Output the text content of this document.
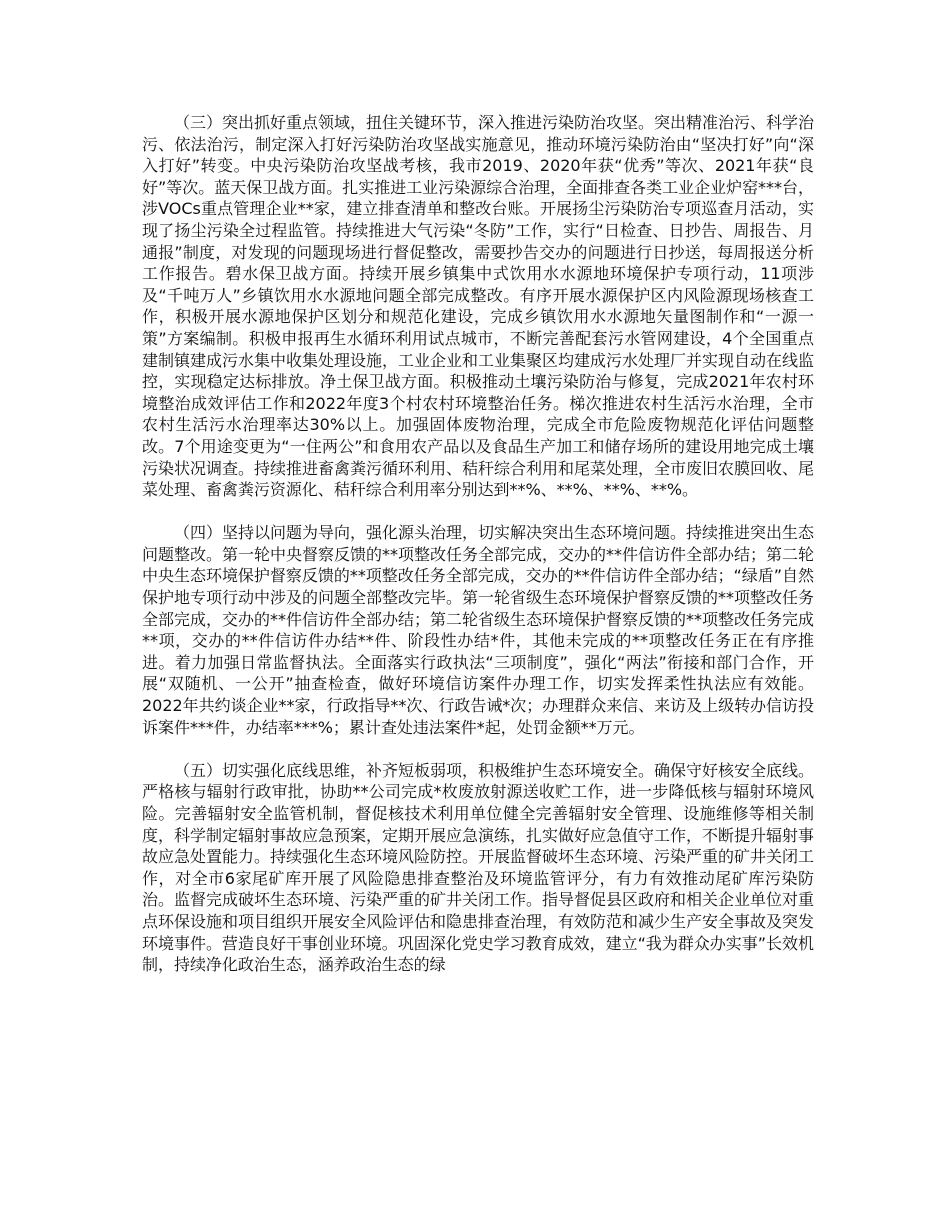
（三）突出抓好重点领域，扭住关键环节，深入推进污染防治攻坚。突出精准治污、科学治污、依法治污，制定深入打好污染防治攻坚战实施意见，推动环境污染防治由“坚决打好”向“深入打好”转变。中央污染防治攻坚战考核，我市2019、2020年获“优秀”等次、2021年获“良好”等次。蓝天保卫战方面。扎实推进工业污染源综合治理，全面排查各类工业企业炉窑***台，涉VOCs重点管理企业**家，建立排查清单和整改台账。开展扬尘污染防治专项巡查月活动，实现了扬尘污染全过程监管。持续推进大气污染“冬防”工作，实行“日检查、日抄告、周报告、月通报”制度，对发现的问题现场进行督促整改，需要抄告交办的问题进行日抄送，每周报送分析工作报告。碧水保卫战方面。持续开展乡镇集中式饮用水水源地环境保护专项行动，11项涉及“千吨万人”乡镇饮用水水源地问题全部完成整改。有序开展水源保护区内风险源现场核查工作，积极开展水源地保护区划分和规范化建设，完成乡镇饮用水水源地矢量图制作和“一源一策”方案编制。积极申报再生水循环利用试点城市，不断完善配套污水管网建设，4个全国重点建制镇建成污水集中收集处理设施，工业企业和工业集聚区均建成污水处理厂并实现自动在线监控，实现稳定达标排放。净土保卫战方面。积极推动土壤污染防治与修复，完成2021年农村环境整治成效评估工作和2022年度3个村农村环境整治任务。梯次推进农村生活污水治理，全市农村生活污水治理率达30%以上。加强固体废物治理，完成全市危险废物规范化评估问题整改。7个用途变更为“一住两公”和食用农产品以及食品生产加工和储存场所的建设用地完成土壤污染状况调查。持续推进畜禽粪污循环利用、秸秆综合利用和尾菜处理，全市废旧农膜回收、尾菜处理、畜禽粪污资源化、秸秆综合利用率分别达到**%、**%、**%、**%。

（四）坚持以问题为导向，强化源头治理，切实解决突出生态环境问题。持续推进突出生态问题整改。第一轮中央督察反馈的**项整改任务全部完成，交办的**件信访件全部办结；第二轮中央生态环境保护督察反馈的**项整改任务全部完成，交办的**件信访件全部办结；“绿盾”自然保护地专项行动中涉及的问题全部整改完毕。第一轮省级生态环境保护督察反馈的**项整改任务全部完成，交办的**件信访件全部办结；第二轮省级生态环境保护督察反馈的**项整改任务完成**项，交办的**件信访件办结**件、阶段性办结*件，其他未完成的**项整改任务正在有序推进。着力加强日常监督执法。全面落实行政执法“三项制度”，强化“两法”衔接和部门合作，开展“双随机、一公开”抽查检查，做好环境信访案件办理工作，切实发挥柔性执法应有效能。2022年共约谈企业**家，行政指导**次、行政告诫*次；办理群众来信、来访及上级转办信访投诉案件***件，办结率***%；累计查处违法案件*起，处罚金额**万元。

（五）切实强化底线思维，补齐短板弱项，积极维护生态环境安全。确保守好核安全底线。严格核与辐射行政审批，协助**公司完成*枚废放射源送收贮工作，进一步降低核与辐射环境风险。完善辐射安全监管机制，督促核技术利用单位健全完善辐射安全管理、设施维修等相关制度，科学制定辐射事故应急预案，定期开展应急演练，扎实做好应急值守工作，不断提升辐射事故应急处置能力。持续强化生态环境风险防控。开展监督破坏生态环境、污染严重的矿井关闭工作，对全市6家尾矿库开展了风险隐患排查整治及环境监管评分，有力有效推动尾矿库污染防治。监督完成破坏生态环境、污染严重的矿井关闭工作。指导督促县区政府和相关企业单位对重点环保设施和项目组织开展安全风险评估和隐患排查治理，有效防范和减少生产安全事故及突发环境事件。营造良好干事创业环境。巩固深化党史学习教育成效，建立“我为群众办实事”长效机制，持续净化政治生态，涵养政治生态的绿
